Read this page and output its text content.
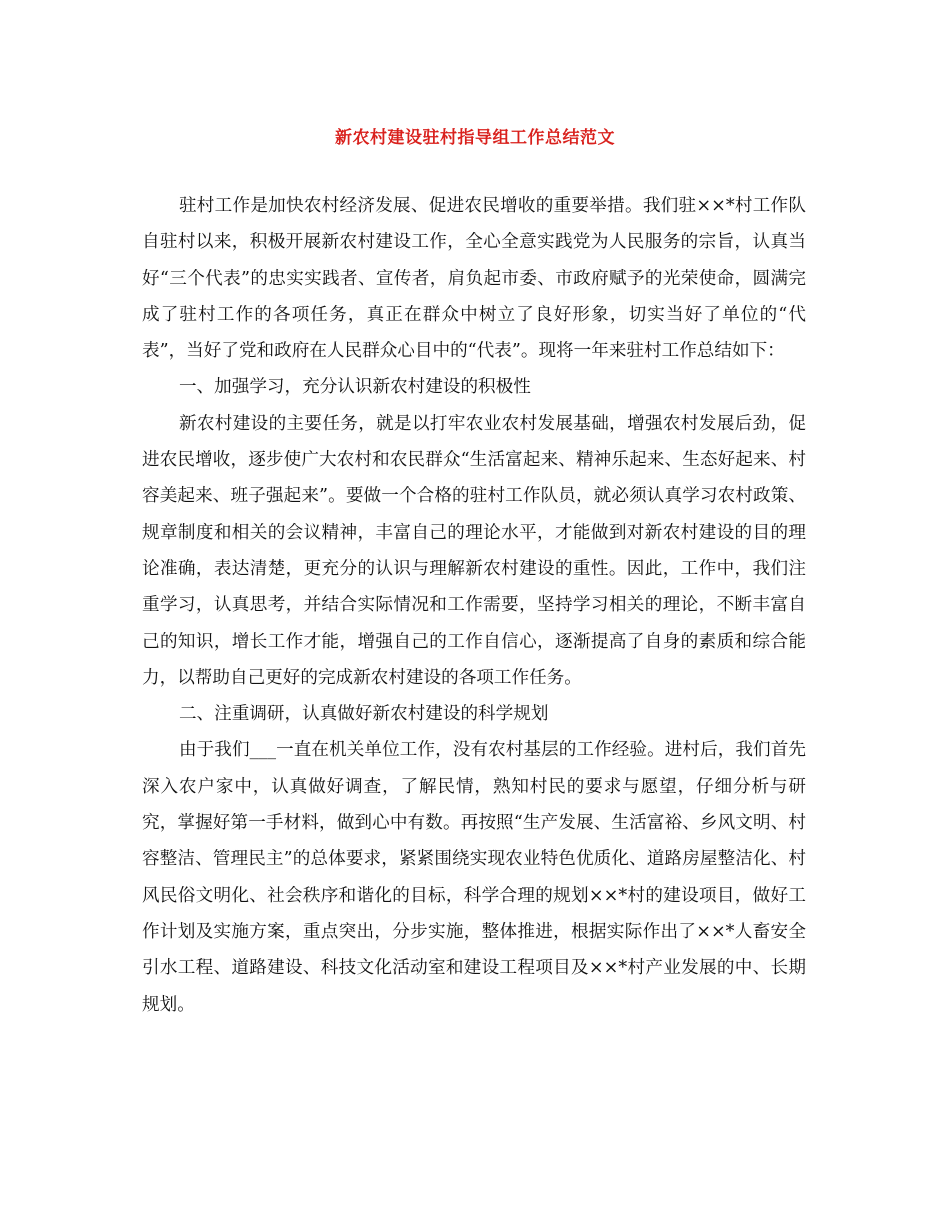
新农村建设驻村指导组工作总结范文

驻村工作是加快农村经济发展、促进农民增收的重要举措。我们驻××*村工作队自驻村以来，积极开展新农村建设工作，全心全意实践党为人民服务的宗旨，认真当好“三个代表”的忠实实践者、宣传者，肩负起市委、市政府赋予的光荣使命，圆满完成了驻村工作的各项任务，真正在群众中树立了良好形象，切实当好了单位的“代表”，当好了党和政府在人民群众心目中的“代表”。现将一年来驻村工作总结如下：

一、加强学习，充分认识新农村建设的积极性

新农村建设的主要任务，就是以打牢农业农村发展基础，增强农村发展后劲，促进农民增收，逐步使广大农村和农民群众“生活富起来、精神乐起来、生态好起来、村容美起来、班子强起来”。要做一个合格的驻村工作队员，就必须认真学习农村政策、规章制度和相关的会议精神，丰富自己的理论水平，才能做到对新农村建设的目的理论准确，表达清楚，更充分的认识与理解新农村建设的重性。因此，工作中，我们注重学习，认真思考，并结合实际情况和工作需要，坚持学习相关的理论，不断丰富自己的知识，增长工作才能，增强自己的工作自信心，逐渐提高了自身的素质和综合能力，以帮助自己更好的完成新农村建设的各项工作任务。

二、注重调研，认真做好新农村建设的科学规划

由于我们___一直在机关单位工作，没有农村基层的工作经验。进村后，我们首先深入农户家中，认真做好调查，了解民情，熟知村民的要求与愿望，仔细分析与研究，掌握好第一手材料，做到心中有数。再按照“生产发展、生活富裕、乡风文明、村容整洁、管理民主”的总体要求，紧紧围绕实现农业特色优质化、道路房屋整洁化、村风民俗文明化、社会秩序和谐化的目标，科学合理的规划××*村的建设项目，做好工作计划及实施方案，重点突出，分步实施，整体推进，根据实际作出了××*人畜安全引水工程、道路建设、科技文化活动室和建设工程项目及××*村产业发展的中、长期规划。
